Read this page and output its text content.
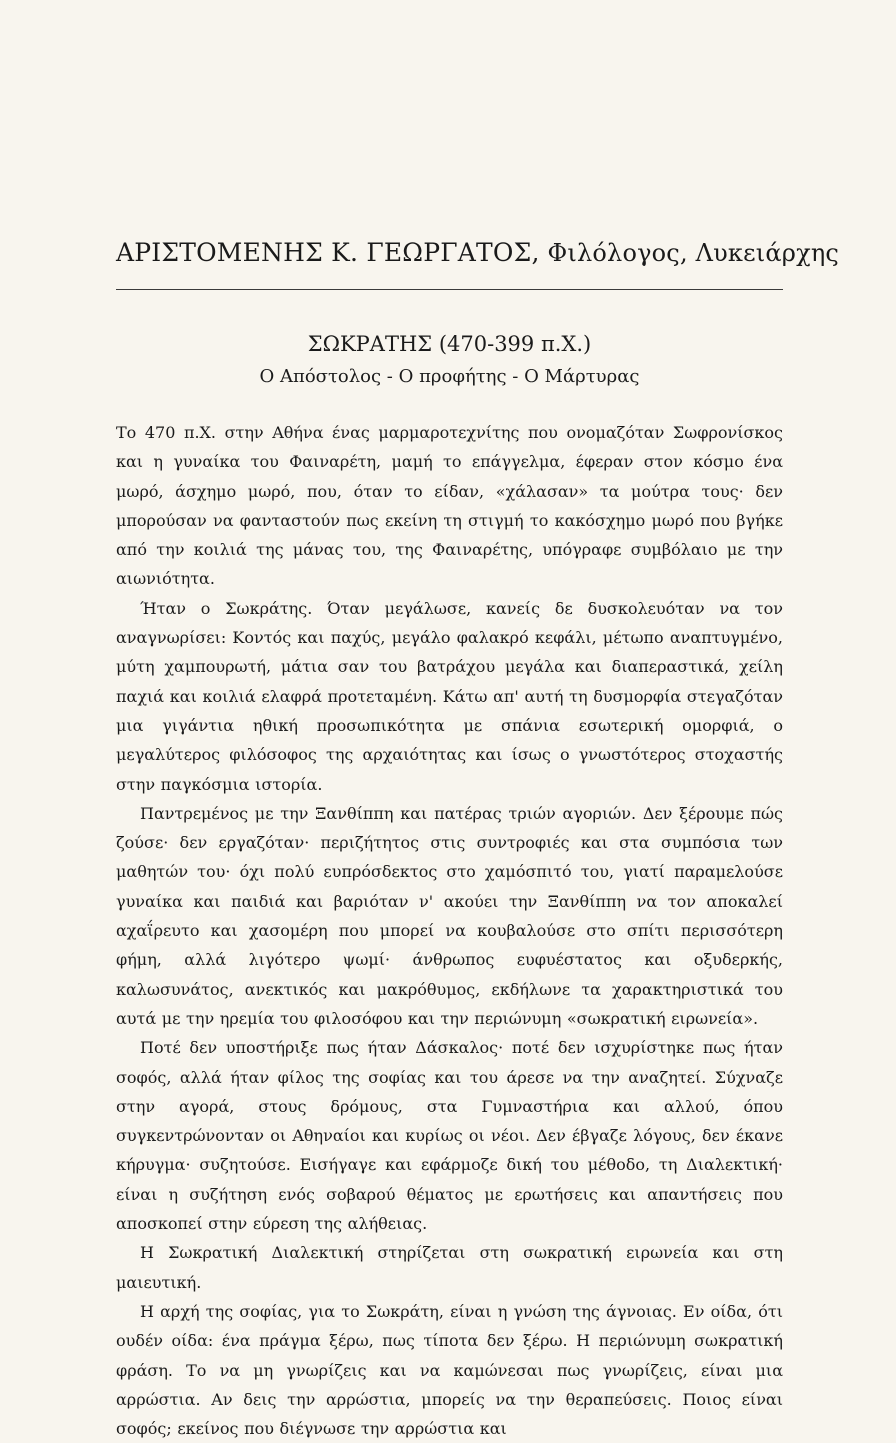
ΑΡΙΣΤΟΜΕΝΗΣ Κ. ΓΕΩΡΓΑΤΟΣ, Φιλόλογος, Λυκειάρχης
ΣΩΚΡΑΤΗΣ (470-399 π.Χ.)
Ο Απόστολος - Ο προφήτης - Ο Μάρτυρας

Το 470 π.Χ. στην Αθήνα ένας μαρμαροτεχνίτης που ονομαζόταν Σωφρονίσκος και η γυναίκα του Φαιναρέτη, μαμή το επάγγελμα, έφεραν στον κόσμο ένα μωρό, άσχημο μωρό, που, όταν το είδαν, «χάλασαν» τα μούτρα τους· δεν μπορούσαν να φανταστούν πως εκείνη τη στιγμή το κακόσχημο μωρό που βγήκε από την κοιλιά της μάνας του, της Φαιναρέτης, υπόγραφε συμβόλαιο με την αιωνιότητα.

Ήταν ο Σωκράτης. Όταν μεγάλωσε, κανείς δε δυσκολευόταν να τον αναγνωρίσει: Κοντός και παχύς, μεγάλο φαλακρό κεφάλι, μέτωπο αναπτυγμένο, μύτη χαμπουρωτή, μάτια σαν του βατράχου μεγάλα και διαπεραστικά, χείλη παχιά και κοιλιά ελαφρά προτεταμένη. Κάτω απ' αυτή τη δυσμορφία στεγαζόταν μια γιγάντια ηθική προσωπικότητα με σπάνια εσωτερική ομορφιά, ο μεγαλύτερος φιλόσοφος της αρχαιότητας και ίσως ο γνωστότερος στοχαστής στην παγκόσμια ιστορία.

Παντρεμένος με την Ξανθίππη και πατέρας τριών αγοριών. Δεν ξέρουμε πώς ζούσε· δεν εργαζόταν· περιζήτητος στις συντροφιές και στα συμπόσια των μαθητών του· όχι πολύ ευπρόσδεκτος στο χαμόσπιτό του, γιατί παραμελούσε γυναίκα και παιδιά και βαριόταν ν' ακούει την Ξανθίππη να τον αποκαλεί αχαΐρευτο και χασομέρη που μπορεί να κουβαλούσε στο σπίτι περισσότερη φήμη, αλλά λιγότερο ψωμί· άνθρωπος ευφυέστατος και οξυδερκής, καλωσυνάτος, ανεκτικός και μακρόθυμος, εκδήλωνε τα χαρακτηριστικά του αυτά με την ηρεμία του φιλοσόφου και την περιώνυμη «σωκρατική ειρωνεία».

Ποτέ δεν υποστήριξε πως ήταν Δάσκαλος· ποτέ δεν ισχυρίστηκε πως ήταν σοφός, αλλά ήταν φίλος της σοφίας και του άρεσε να την αναζητεί. Σύχναζε στην αγορά, στους δρόμους, στα Γυμναστήρια και αλλού, όπου συγκεντρώνονταν οι Αθηναίοι και κυρίως οι νέοι. Δεν έβγαζε λόγους, δεν έκανε κήρυγμα· συζητούσε. Εισήγαγε και εφάρμοζε δική του μέθοδο, τη Διαλεκτική· είναι η συζήτηση ενός σοβαρού θέματος με ερωτήσεις και απαντήσεις που αποσκοπεί στην εύρεση της αλήθειας.

Η Σωκρατική Διαλεκτική στηρίζεται στη σωκρατική ειρωνεία και στη μαιευτική.

Η αρχή της σοφίας, για το Σωκράτη, είναι η γνώση της άγνοιας. Εν οίδα, ότι ουδέν οίδα: ένα πράγμα ξέρω, πως τίποτα δεν ξέρω. Η περιώνυμη σωκρατική φράση. Το να μη γνωρίζεις και να καμώνεσαι πως γνωρίζεις, είναι μια αρρώστια. Αν δεις την αρρώστια, μπορείς να την θεραπεύσεις. Ποιος είναι σοφός; εκείνος που διέγνωσε την αρρώστια και
